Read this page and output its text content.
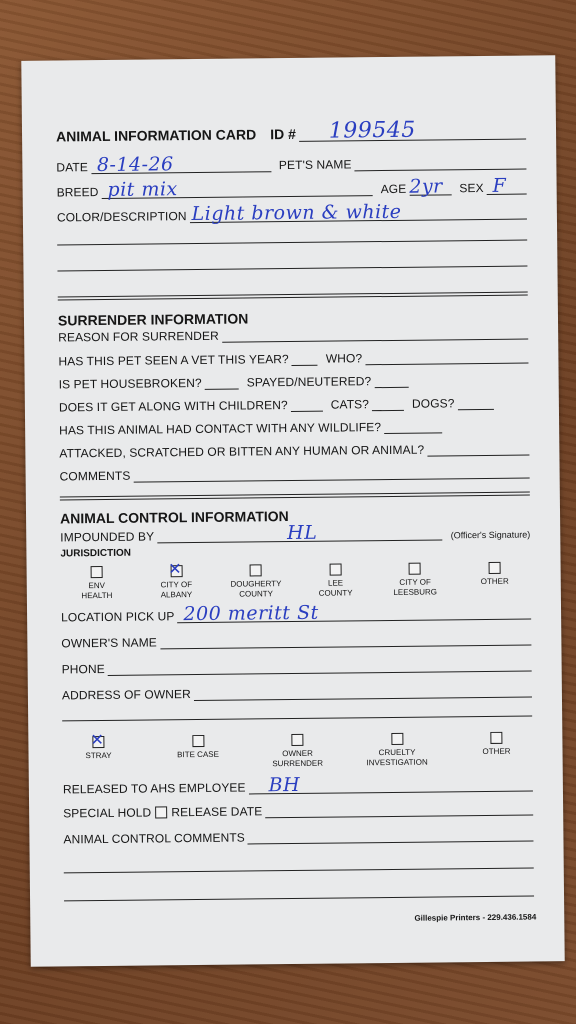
ANIMAL INFORMATION CARD ID # 199545
DATE 8-14-26	PET'S NAME
BREED pit mix	AGE 2yr SEX F
COLOR/DESCRIPTION Light brown & white
SURRENDER INFORMATION
REASON FOR SURRENDER
HAS THIS PET SEEN A VET THIS YEAR?	WHO?
IS PET HOUSEBROKEN?	SPAYED/NEUTERED?
DOES IT GET ALONG WITH CHILDREN?	CATS?	DOGS?
HAS THIS ANIMAL HAD CONTACT WITH ANY WILDLIFE?
ATTACKED, SCRATCHED OR BITTEN ANY HUMAN OR ANIMAL?
COMMENTS
ANIMAL CONTROL INFORMATION
IMPOUNDED BY	HL	(Officer's Signature)
JURISDICTION
ENV
HEALTH
✕
CITY OF
ALBANY
DOUGHERTY
COUNTY
LEE
COUNTY
CITY OF
LEESBURG
OTHER
LOCATION PICK UP 200 meritt St
OWNER'S NAME
PHONE
ADDRESS OF OWNER
✕
STRAY	BITE CASE	OWNER
SURRENDER
CRUELTY
INVESTIGATION
OTHER
RELEASED TO AHS EMPLOYEE BH
SPECIAL HOLD RELEASE DATE
ANIMAL CONTROL COMMENTS
Gillespie Printers - 229.436.1584
